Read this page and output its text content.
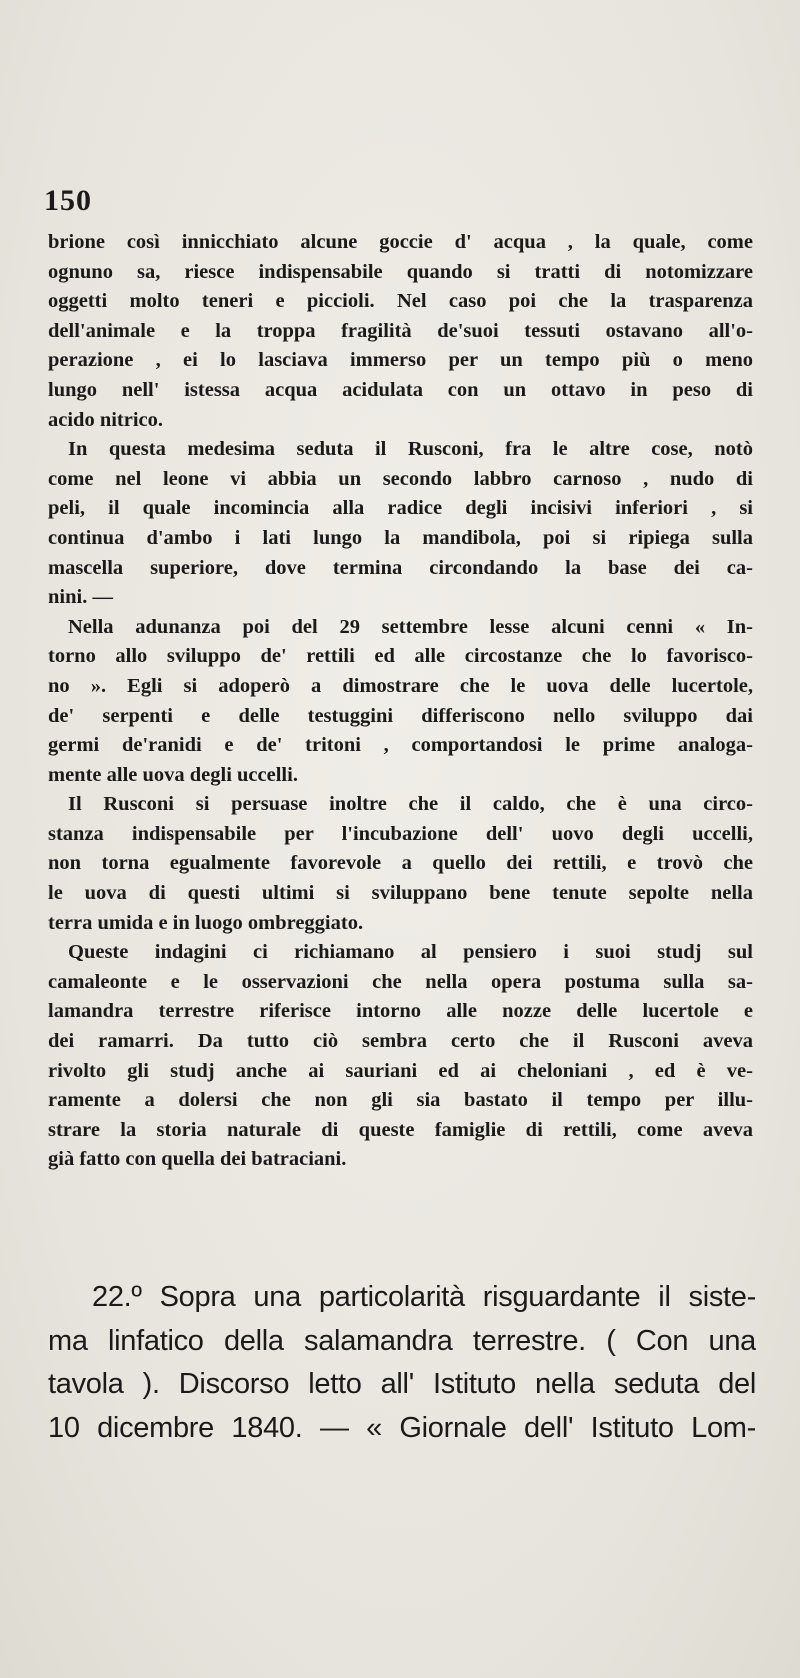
150
brione così innicchiato alcune goccie d' acqua , la quale, come
ognuno sa, riesce indispensabile quando si tratti di notomizzare
oggetti molto teneri e piccioli. Nel caso poi che la trasparenza
dell'animale e la troppa fragilità de'suoi tessuti ostavano all'o-
perazione , ei lo lasciava immerso per un tempo più o meno
lungo nell' istessa acqua acidulata con un ottavo in peso di
acido nitrico.
In questa medesima seduta il Rusconi, fra le altre cose, notò
come nel leone vi abbia un secondo labbro carnoso , nudo di
peli, il quale incomincia alla radice degli incisivi inferiori , si
continua d'ambo i lati lungo la mandibola, poi si ripiega sulla
mascella superiore, dove termina circondando la base dei ca-
nini. —
Nella adunanza poi del 29 settembre lesse alcuni cenni « In-
torno allo sviluppo de' rettili ed alle circostanze che lo favorisco-
no ». Egli si adoperò a dimostrare che le uova delle lucertole,
de' serpenti e delle testuggini differiscono nello sviluppo dai
germi de'ranidi e de' tritoni , comportandosi le prime analoga-
mente alle uova degli uccelli.
Il Rusconi si persuase inoltre che il caldo, che è una circo-
stanza indispensabile per l'incubazione dell' uovo degli uccelli,
non torna egualmente favorevole a quello dei rettili, e trovò che
le uova di questi ultimi si sviluppano bene tenute sepolte nella
terra umida e in luogo ombreggiato.
Queste indagini ci richiamano al pensiero i suoi studj sul
camaleonte e le osservazioni che nella opera postuma sulla sa-
lamandra terrestre riferisce intorno alle nozze delle lucertole e
dei ramarri. Da tutto ciò sembra certo che il Rusconi aveva
rivolto gli studj anche ai sauriani ed ai cheloniani , ed è ve-
ramente a dolersi che non gli sia bastato il tempo per illu-
strare la storia naturale di queste famiglie di rettili, come aveva
già fatto con quella dei batraciani.
22.º Sopra una particolarità risguardante il siste-
ma linfatico della salamandra terrestre. ( Con una
tavola ). Discorso letto all' Istituto nella seduta del
10 dicembre 1840. — « Giornale dell' Istituto Lom-
